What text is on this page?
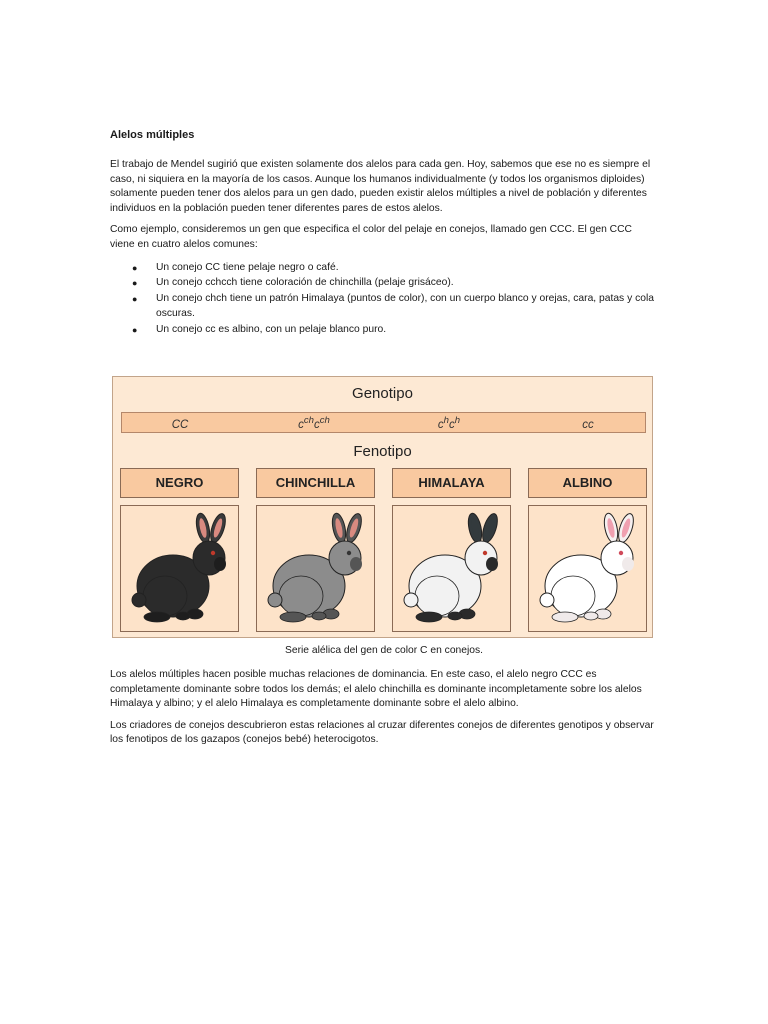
Alelos múltiples

El trabajo de Mendel sugirió que existen solamente dos alelos para cada gen. Hoy, sabemos que ese no es siempre el caso, ni siquiera en la mayoría de los casos. Aunque los humanos individualmente (y todos los organismos diploides) solamente pueden tener dos alelos para un gen dado, pueden existir alelos múltiples a nivel de población y diferentes individuos en la población pueden tener diferentes pares de estos alelos.

Como ejemplo, consideremos un gen que especifica el color del pelaje en conejos, llamado gen CCC. El gen CCC viene en cuatro alelos comunes:

● Un conejo CC tiene pelaje negro o café.
● Un conejo cchcch tiene coloración de chinchilla (pelaje grisáceo).
● Un conejo chch tiene un patrón Himalaya (puntos de color), con un cuerpo blanco y orejas, cara, patas y cola oscuras.
● Un conejo cc es albino, con un pelaje blanco puro.
Genotipo
CC	$c^{ch}c^{ch}$	$c^hc^h$	cc
Fenotipo
NEGRO	CHINCHILLA	HIMALAYA	ALBINO
Serie alélica del gen de color C en conejos.

Los alelos múltiples hacen posible muchas relaciones de dominancia. En este caso, el alelo negro CCC es completamente dominante sobre todos los demás; el alelo chinchilla es dominante incompletamente sobre los alelos Himalaya y albino; y el alelo Himalaya es completamente dominante sobre el alelo albino.

Los criadores de conejos descubrieron estas relaciones al cruzar diferentes conejos de diferentes genotipos y observar los fenotipos de los gazapos (conejos bebé) heterocigotos.
